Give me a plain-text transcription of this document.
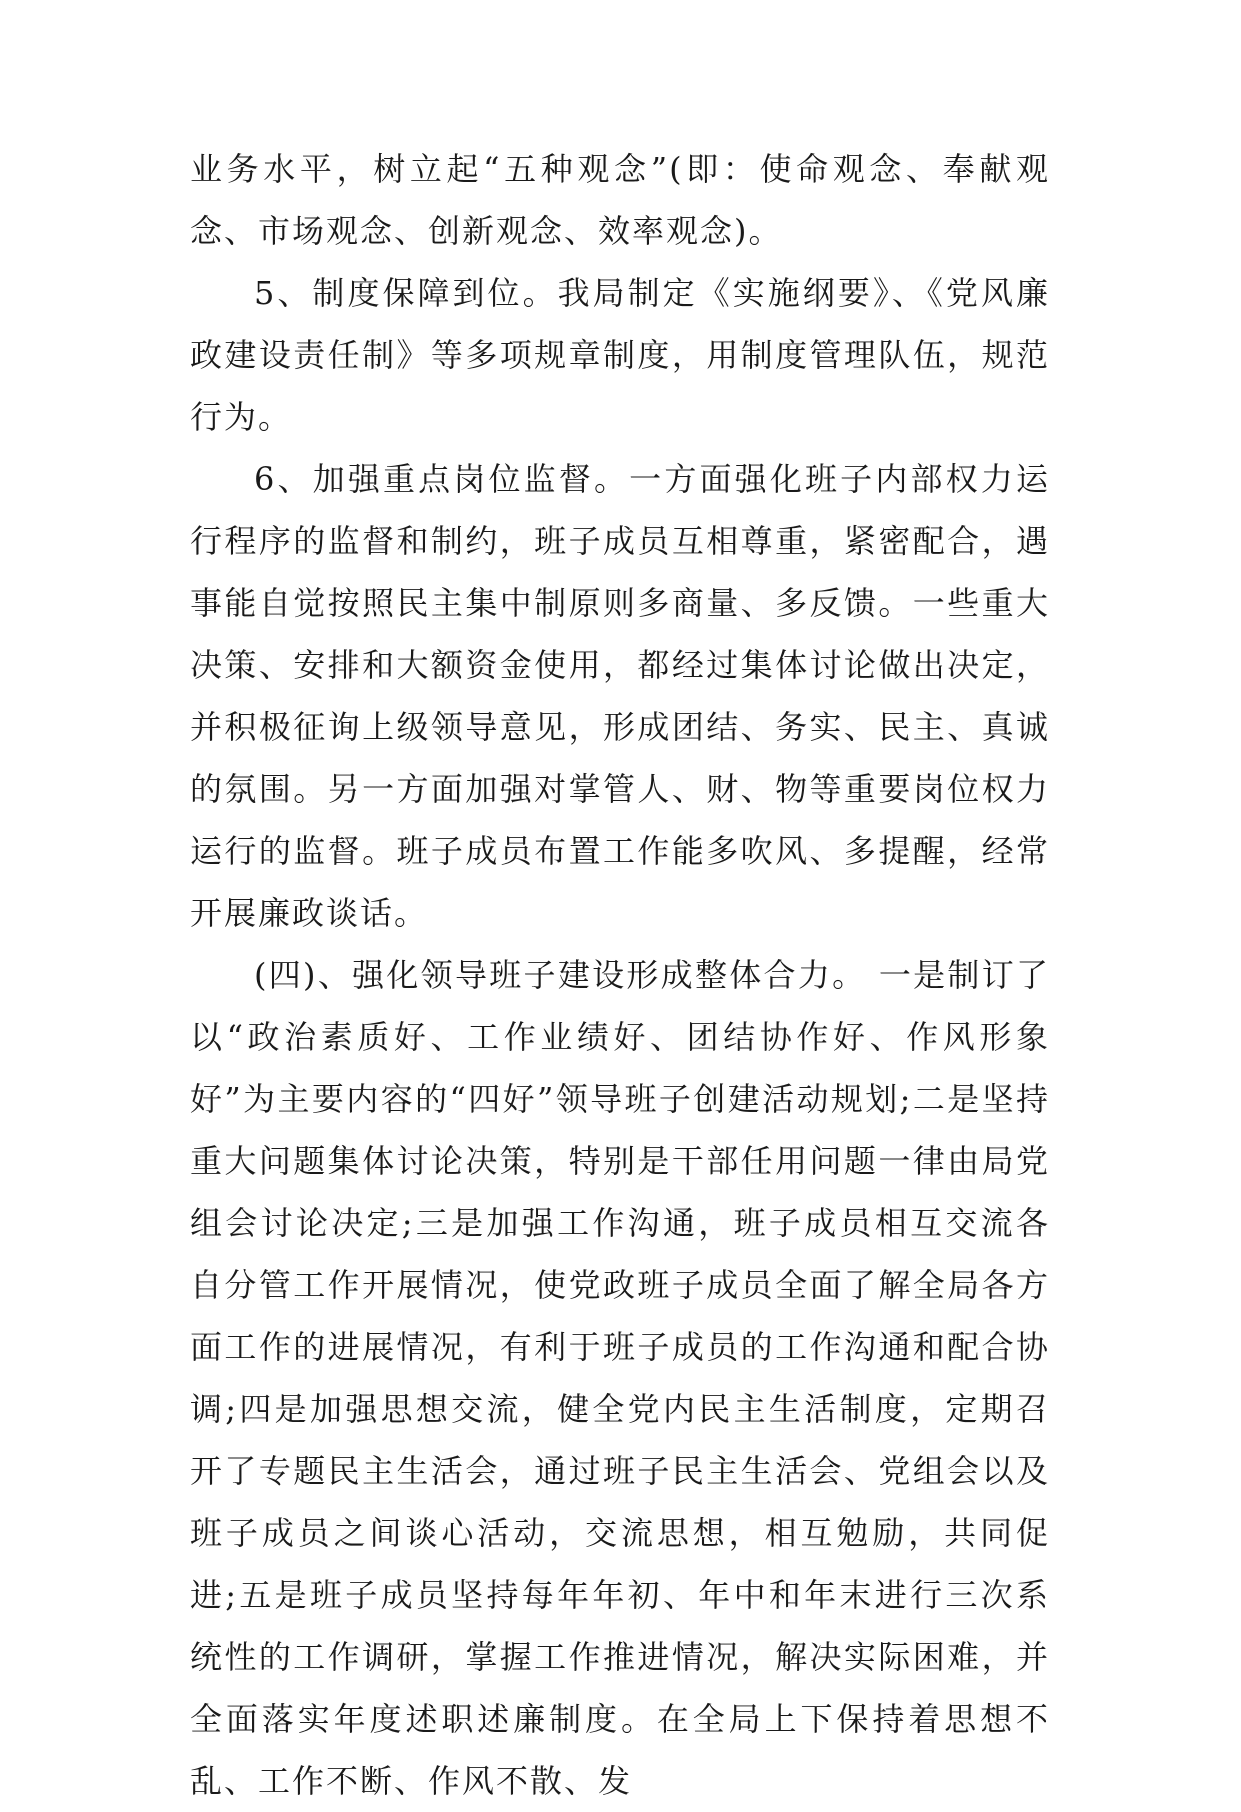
业务水平，树立起“五种观念”(即：使命观念、奉献观念、市场观念、创新观念、效率观念)。

5、制度保障到位。我局制定《实施纲要》、《党风廉政建设责任制》等多项规章制度，用制度管理队伍，规范行为。

6、加强重点岗位监督。一方面强化班子内部权力运行程序的监督和制约，班子成员互相尊重，紧密配合，遇事能自觉按照民主集中制原则多商量、多反馈。一些重大决策、安排和大额资金使用，都经过集体讨论做出决定，并积极征询上级领导意见，形成团结、务实、民主、真诚的氛围。另一方面加强对掌管人、财、物等重要岗位权力运行的监督。班子成员布置工作能多吹风、多提醒，经常开展廉政谈话。

(四)、强化领导班子建设形成整体合力。 一是制订了以“政治素质好、工作业绩好、团结协作好、作风形象好”为主要内容的“四好”领导班子创建活动规划;二是坚持重大问题集体讨论决策，特别是干部任用问题一律由局党组会讨论决定;三是加强工作沟通，班子成员相互交流各自分管工作开展情况，使党政班子成员全面了解全局各方面工作的进展情况，有利于班子成员的工作沟通和配合协调;四是加强思想交流，健全党内民主生活制度，定期召开了专题民主生活会，通过班子民主生活会、党组会以及班子成员之间谈心活动，交流思想，相互勉励，共同促进;五是班子成员坚持每年年初、年中和年末进行三次系统性的工作调研，掌握工作推进情况，解决实际困难，并全面落实年度述职述廉制度。在全局上下保持着思想不乱、工作不断、作风不散、发
